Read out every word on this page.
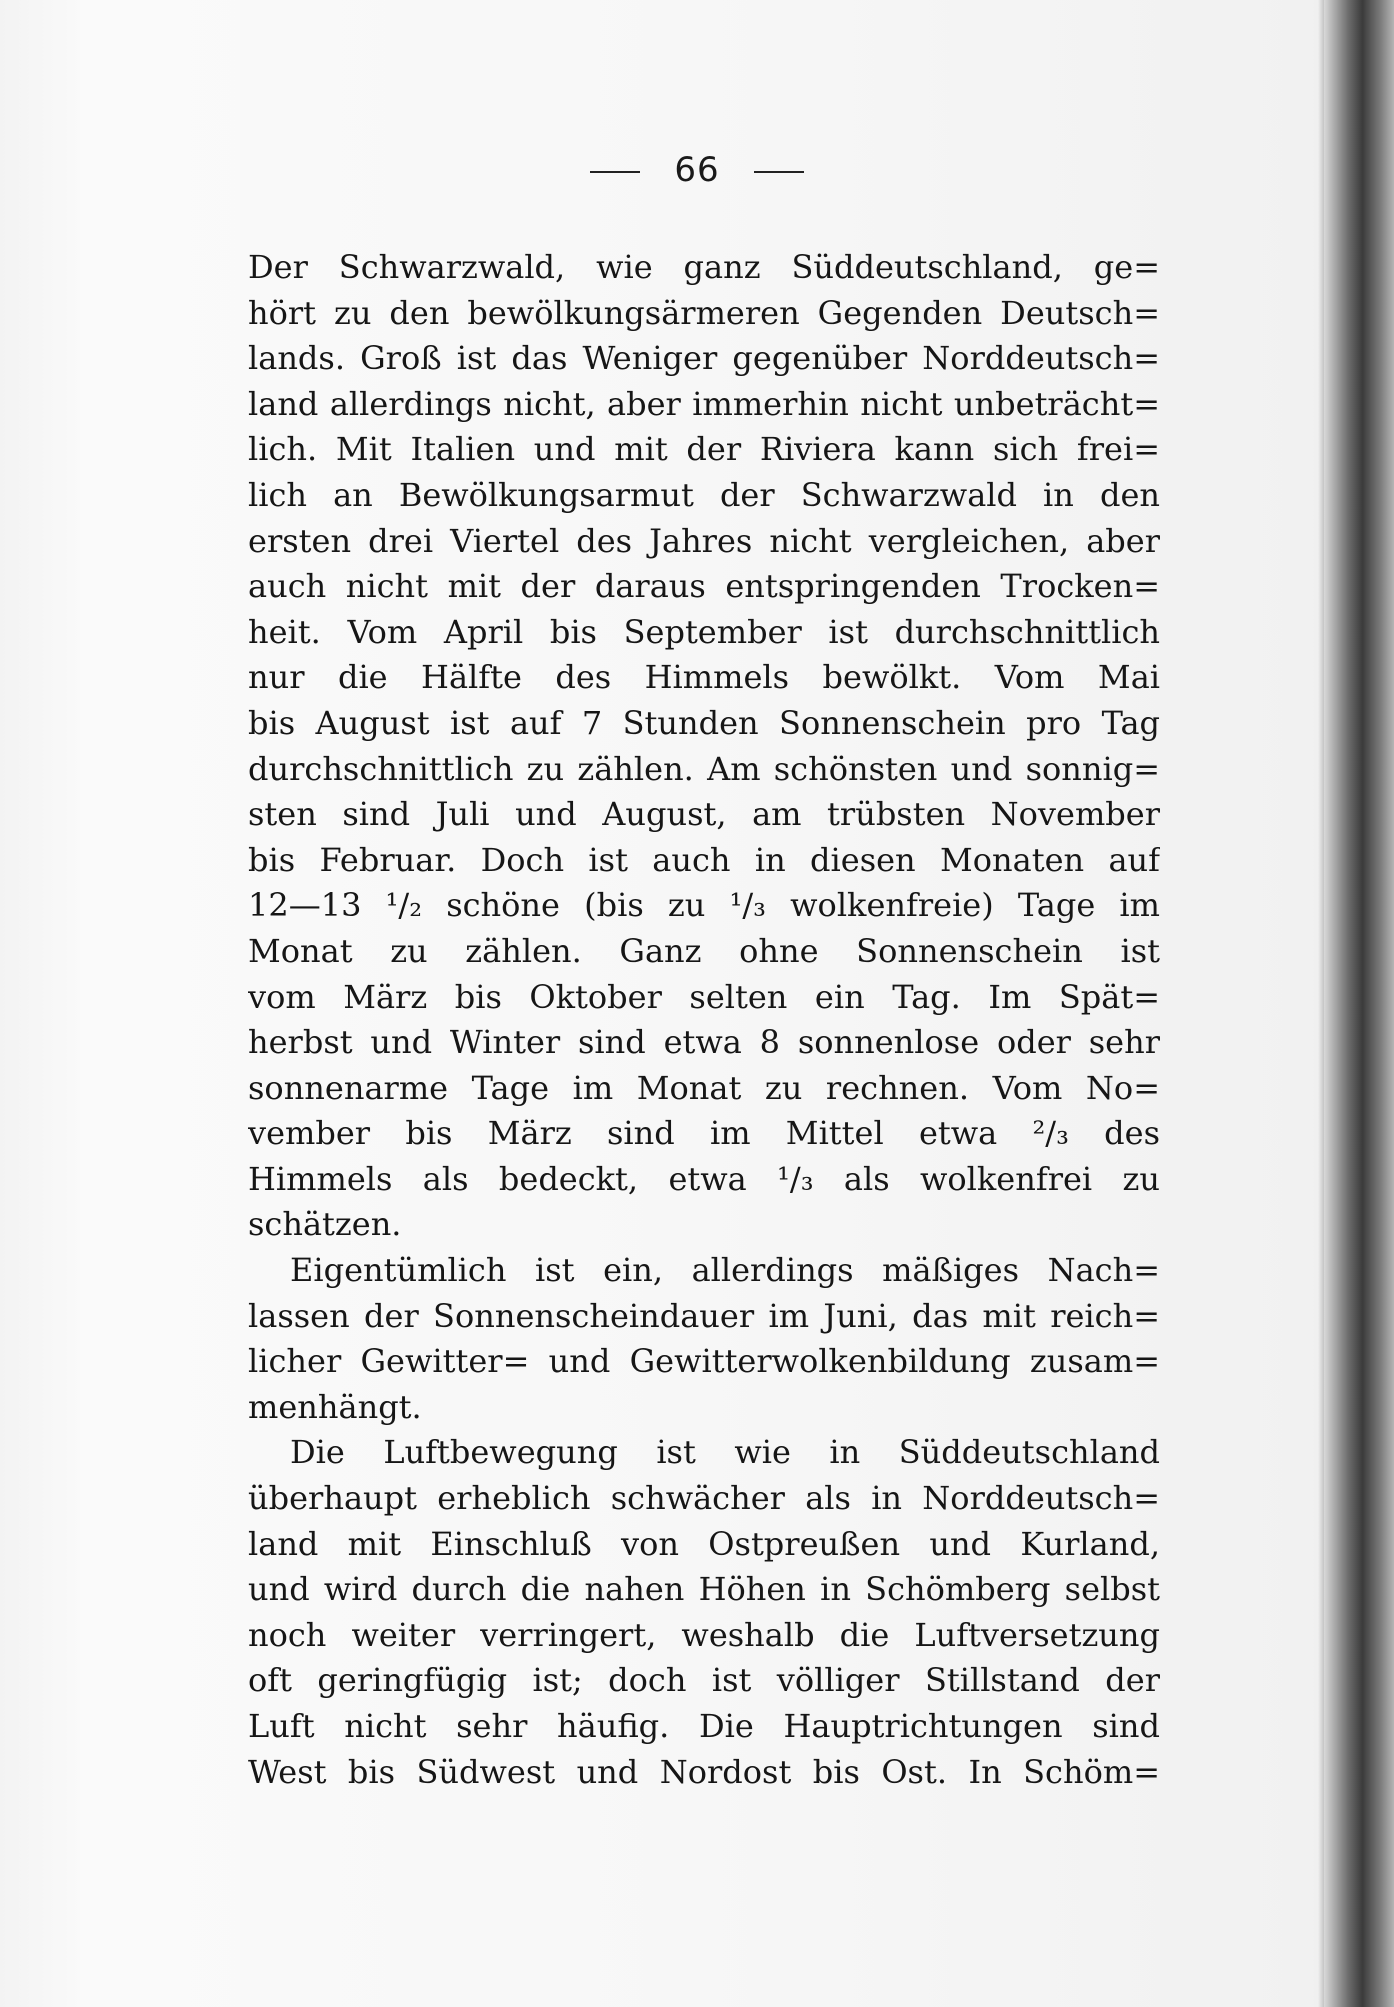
66
Der Schwarzwald, wie ganz Süddeutschland, ge=
hört zu den bewölkungsärmeren Gegenden Deutsch=
lands. Groß ist das Weniger gegenüber Norddeutsch=
land allerdings nicht, aber immerhin nicht unbeträcht=
lich. Mit Italien und mit der Riviera kann sich frei=
lich an Bewölkungsarmut der Schwarzwald in den
ersten drei Viertel des Jahres nicht vergleichen, aber
auch nicht mit der daraus entspringenden Trocken=
heit. Vom April bis September ist durchschnittlich
nur die Hälfte des Himmels bewölkt. Vom Mai
bis August ist auf 7 Stunden Sonnenschein pro Tag
durchschnittlich zu zählen. Am schönsten und sonnig=
sten sind Juli und August, am trübsten November
bis Februar. Doch ist auch in diesen Monaten auf
12—13 ¹/₂ schöne (bis zu ¹/₃ wolkenfreie) Tage im
Monat zu zählen. Ganz ohne Sonnenschein ist
vom März bis Oktober selten ein Tag. Im Spät=
herbst und Winter sind etwa 8 sonnenlose oder sehr
sonnenarme Tage im Monat zu rechnen. Vom No=
vember bis März sind im Mittel etwa ²/₃ des
Himmels als bedeckt, etwa ¹/₃ als wolkenfrei zu
schätzen.
Eigentümlich ist ein, allerdings mäßiges Nach=
lassen der Sonnenscheindauer im Juni, das mit reich=
licher Gewitter= und Gewitterwolkenbildung zusam=
menhängt.
Die Luftbewegung ist wie in Süddeutschland
überhaupt erheblich schwächer als in Norddeutsch=
land mit Einschluß von Ostpreußen und Kurland,
und wird durch die nahen Höhen in Schömberg selbst
noch weiter verringert, weshalb die Luftversetzung
oft geringfügig ist; doch ist völliger Stillstand der
Luft nicht sehr häufig. Die Hauptrichtungen sind
West bis Südwest und Nordost bis Ost. In Schöm=
